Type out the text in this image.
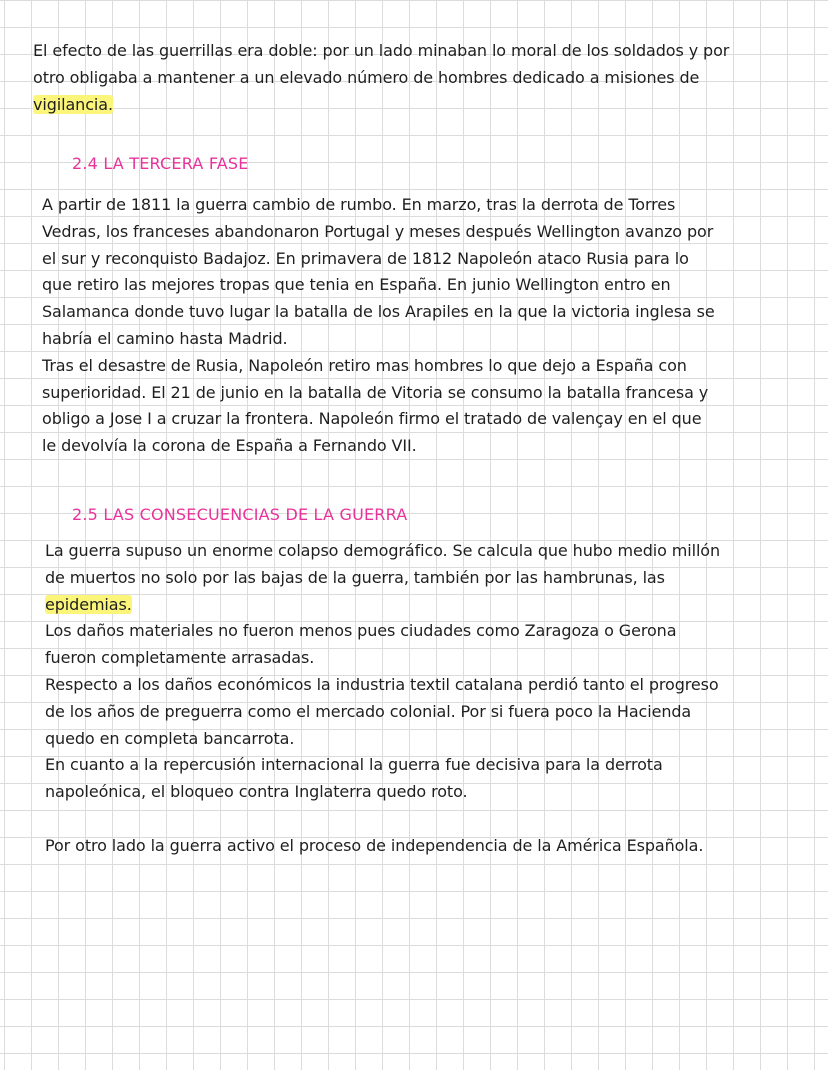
El efecto de las guerrillas era doble: por un lado minaban lo moral de los soldados y por
otro obligaba a mantener a un elevado número de hombres dedicado a misiones de
vigilancia.
2.4 LA TERCERA FASE
A partir de 1811 la guerra cambio de rumbo. En marzo, tras la derrota de Torres
Vedras, los franceses abandonaron Portugal y meses después Wellington avanzo por
el sur y reconquisto Badajoz. En primavera de 1812 Napoleón ataco Rusia para lo
que retiro las mejores tropas que tenia en España. En junio Wellington entro en
Salamanca donde tuvo lugar la batalla de los Arapiles en la que la victoria inglesa se
habría el camino hasta Madrid.
Tras el desastre de Rusia, Napoleón retiro mas hombres lo que dejo a España con
superioridad. El 21 de junio en la batalla de Vitoria se consumo la batalla francesa y
obligo a Jose I a cruzar la frontera. Napoleón firmo el tratado de valençay en el que
le devolvía la corona de España a Fernando VII.
2.5 LAS CONSECUENCIAS DE LA GUERRA
La guerra supuso un enorme colapso demográfico. Se calcula que hubo medio millón
de muertos no solo por las bajas de la guerra, también por las hambrunas, las
epidemias.
Los daños materiales no fueron menos pues ciudades como Zaragoza o Gerona
fueron completamente arrasadas.
Respecto a los daños económicos la industria textil catalana perdió tanto el progreso
de los años de preguerra como el mercado colonial. Por si fuera poco la Hacienda
quedo en completa bancarrota.
En cuanto a la repercusión internacional la guerra fue decisiva para la derrota
napoleónica, el bloqueo contra Inglaterra quedo roto.
Por otro lado la guerra activo el proceso de independencia de la América Española.
